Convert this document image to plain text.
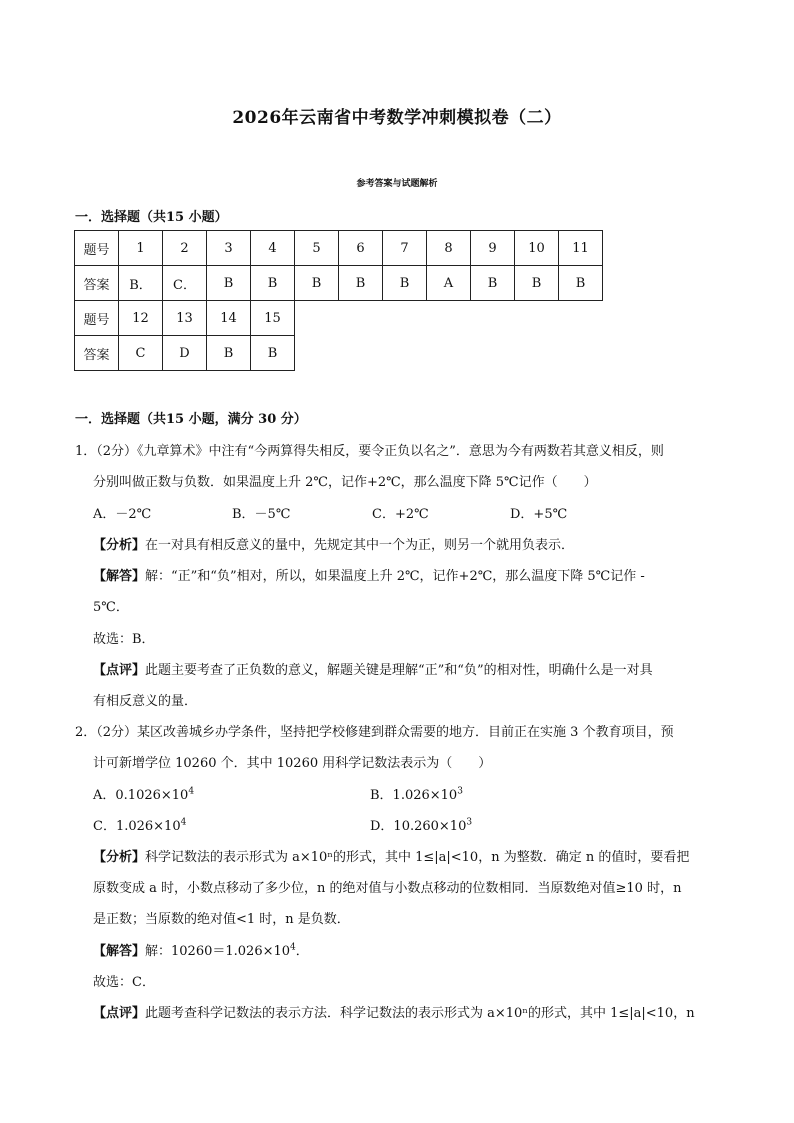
2026年云南省中考数学冲刺模拟卷（二）
参考答案与试题解析
一．选择题（共15 小题）
题号	1	2	3	4	5	6	7	8	9	10	11
答案	B．	C．	B	B	B	B	B	A	B	B	B
题号	12	13	14	15
答案	C	D	B	B
一．选择题（共15 小题，满分 30 分）
1．（2分）《九章算术》中注有“今两算得失相反，要令正负以名之”．意思为今有两数若其意义相反，则
分别叫做正数与负数．如果温度上升 2℃，记作+2℃，那么温度下降 5℃记作（　　）
A．－2℃	B．－5℃	C．+2℃	D．+5℃
【分析】在一对具有相反意义的量中，先规定其中一个为正，则另一个就用负表示．
【解答】解：“正”和“负”相对，所以，如果温度上升 2℃，记作+2℃，那么温度下降 5℃记作 -
5℃．
故选：B．
【点评】此题主要考查了正负数的意义，解题关键是理解“正”和“负”的相对性，明确什么是一对具
有相反意义的量．
2．（2分）某区改善城乡办学条件，坚持把学校修建到群众需要的地方．目前正在实施 3 个教育项目，预
计可新增学位 10260 个．其中 10260 用科学记数法表示为（　　）
A．$0.1026\times 10^4$	B．$1.026\times 10^3$
C．$1.026\times 10^4$	D．$10.260\times 10^3$
【分析】科学记数法的表示形式为 a×10ⁿ的形式，其中 1≤|a|<10，n 为整数．确定 n 的值时，要看把
原数变成 a 时，小数点移动了多少位，n 的绝对值与小数点移动的位数相同．当原数绝对值≥10 时，n
是正数；当原数的绝对值<1 时，n 是负数．
【解答】解：$10260=1.026\times 10^4$．
故选：C．
【点评】此题考查科学记数法的表示方法．科学记数法的表示形式为 a×10ⁿ的形式，其中 1≤|a|<10，n
